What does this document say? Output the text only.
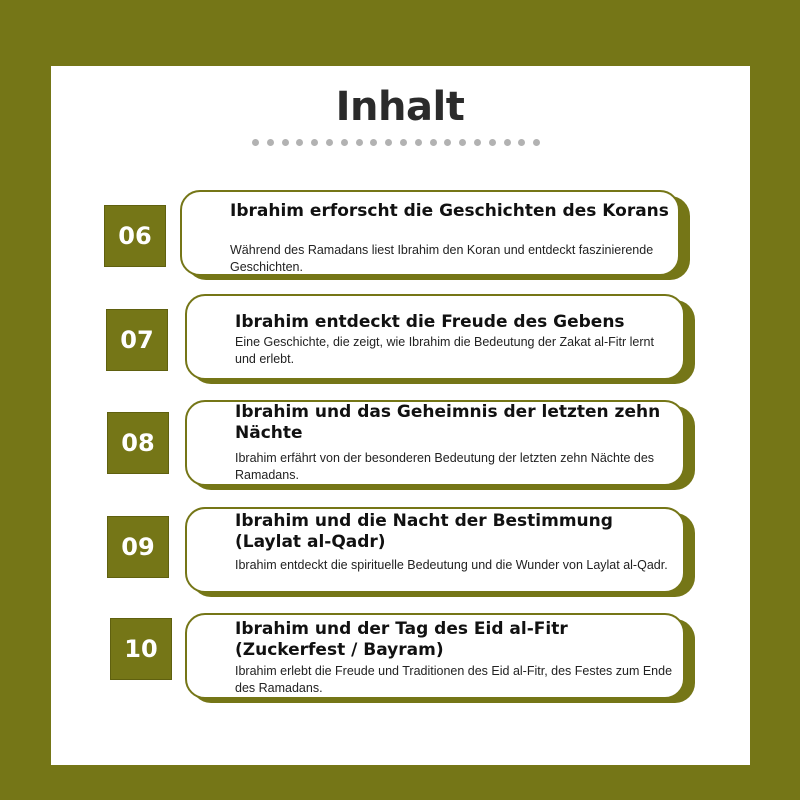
Inhalt
Ibrahim erforscht die Geschichten des Korans
Während des Ramadans liest Ibrahim den Koran und entdeckt faszinierende Geschichten.
06
Ibrahim entdeckt die Freude des Gebens
Eine Geschichte, die zeigt, wie Ibrahim die Bedeutung der Zakat al-Fitr lernt und erlebt.
07
Ibrahim und das Geheimnis der letzten zehn Nächte
Ibrahim erfährt von der besonderen Bedeutung der letzten zehn Nächte des Ramadans.
08
Ibrahim und die Nacht der Bestimmung (Laylat al-Qadr)
Ibrahim entdeckt die spirituelle Bedeutung und die Wunder von Laylat al-Qadr.
09
Ibrahim und der Tag des Eid al-Fitr (Zuckerfest / Bayram)
Ibrahim erlebt die Freude und Traditionen des Eid al-Fitr, des Festes zum Ende des Ramadans.
10
